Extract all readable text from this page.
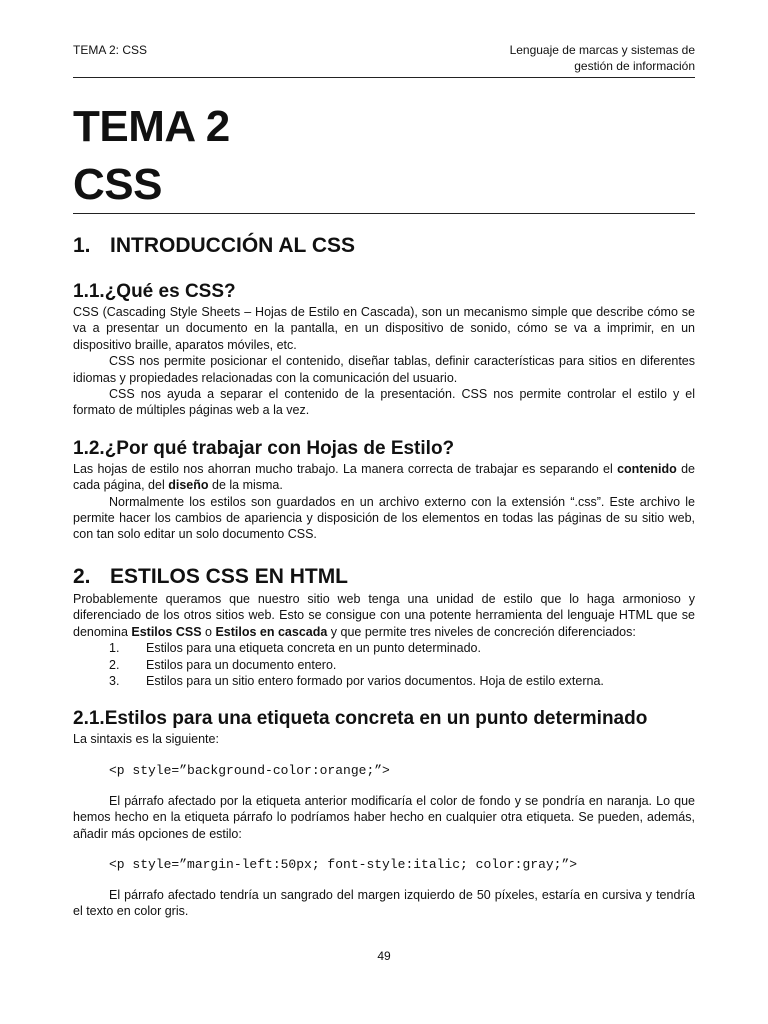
TEMA 2: CSS	Lenguaje de marcas y sistemas de
gestión de información
TEMA 2
CSS
1. INTRODUCCIÓN AL CSS
1.1.¿Qué es CSS?

CSS (Cascading Style Sheets – Hojas de Estilo en Cascada), son un mecanismo simple que describe cómo se va a presentar un documento en la pantalla, en un dispositivo de sonido, cómo se va a imprimir, en un dispositivo braille, aparatos móviles, etc.

CSS nos permite posicionar el contenido, diseñar tablas, definir características para sitios en diferentes idiomas y propiedades relacionadas con la comunicación del usuario.

CSS nos ayuda a separar el contenido de la presentación. CSS nos permite controlar el estilo y el formato de múltiples páginas web a la vez.

1.2.¿Por qué trabajar con Hojas de Estilo?

Las hojas de estilo nos ahorran mucho trabajo. La manera correcta de trabajar es separando el contenido de cada página, del diseño de la misma.

Normalmente los estilos son guardados en un archivo externo con la extensión “.css”. Este archivo le permite hacer los cambios de apariencia y disposición de los elementos en todas las páginas de su sitio web, con tan solo editar un solo documento CSS.

2. ESTILOS CSS EN HTML

Probablemente queramos que nuestro sitio web tenga una unidad de estilo que lo haga armonioso y diferenciado de los otros sitios web. Esto se consigue con una potente herramienta del lenguaje HTML que se denomina Estilos CSS o Estilos en cascada y que permite tres niveles de concreción diferenciados:

1.	Estilos para una etiqueta concreta en un punto determinado.
2.	Estilos para un documento entero.
3.	Estilos para un sitio entero formado por varios documentos. Hoja de estilo externa.
2.1.Estilos para una etiqueta concreta en un punto determinado

La sintaxis es la siguiente:

<p style=”background-color:orange;”>

El párrafo afectado por la etiqueta anterior modificaría el color de fondo y se pondría en naranja. Lo que hemos hecho en la etiqueta párrafo lo podríamos haber hecho en cualquier otra etiqueta. Se pueden, además, añadir más opciones de estilo:

<p style=”margin-left:50px; font-style:italic; color:gray;”>

El párrafo afectado tendría un sangrado del margen izquierdo de 50 píxeles, estaría en cursiva y tendría el texto en color gris.

49
